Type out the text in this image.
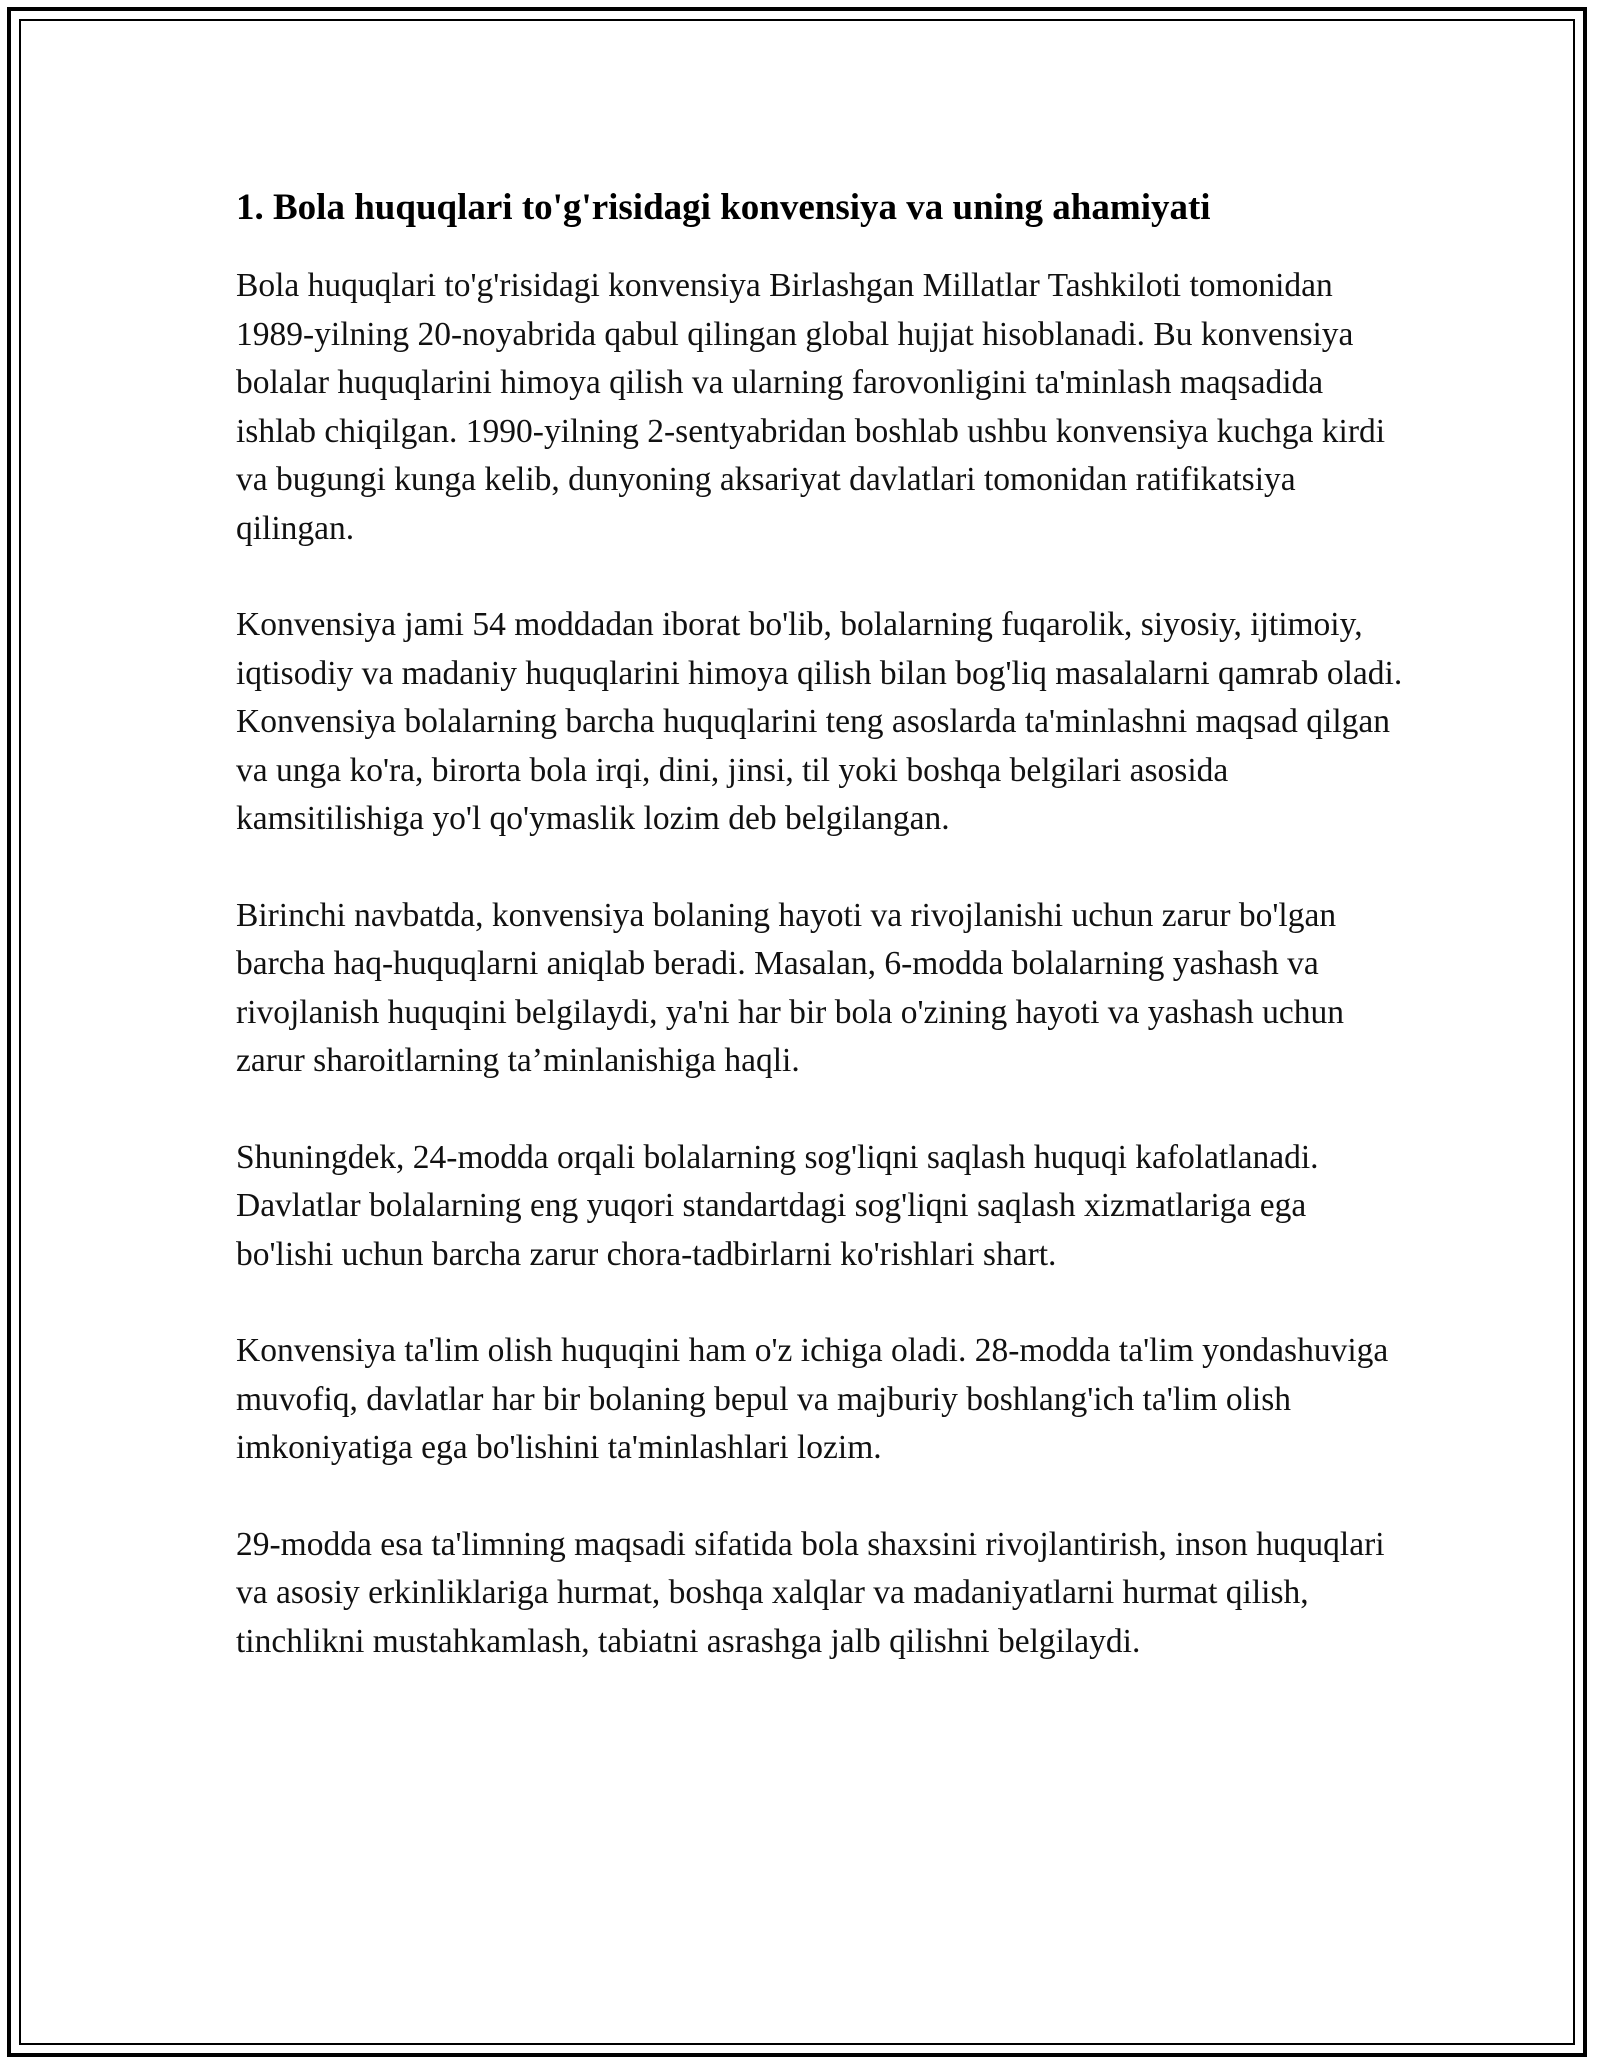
1. Bola huquqlari to'g'risidagi konvensiya va uning ahamiyati

Bola huquqlari to'g'risidagi konvensiya Birlashgan Millatlar Tashkiloti tomonidan 1989-yilning 20-noyabrida qabul qilingan global hujjat hisoblanadi. Bu konvensiya bolalar huquqlarini himoya qilish va ularning farovonligini ta'minlash maqsadida ishlab chiqilgan. 1990-yilning 2-sentyabridan boshlab ushbu konvensiya kuchga kirdi va bugungi kunga kelib, dunyoning aksariyat davlatlari tomonidan ratifikatsiya qilingan.

Konvensiya jami 54 moddadan iborat bo'lib, bolalarning fuqarolik, siyosiy, ijtimoiy, iqtisodiy va madaniy huquqlarini himoya qilish bilan bog'liq masalalarni qamrab oladi. Konvensiya bolalarning barcha huquqlarini teng asoslarda ta'minlashni maqsad qilgan va unga ko'ra, birorta bola irqi, dini, jinsi, til yoki boshqa belgilari asosida kamsitilishiga yo'l qo'ymaslik lozim deb belgilangan.

Birinchi navbatda, konvensiya bolaning hayoti va rivojlanishi uchun zarur bo'lgan barcha haq-huquqlarni aniqlab beradi. Masalan, 6-modda bolalarning yashash va rivojlanish huquqini belgilaydi, ya'ni har bir bola o'zining hayoti va yashash uchun zarur sharoitlarning ta’minlanishiga haqli.

Shuningdek, 24-modda orqali bolalarning sog'liqni saqlash huquqi kafolatlanadi. Davlatlar bolalarning eng yuqori standartdagi sog'liqni saqlash xizmatlariga ega bo'lishi uchun barcha zarur chora-tadbirlarni ko'rishlari shart.

Konvensiya ta'lim olish huquqini ham o'z ichiga oladi. 28-modda ta'lim yondashuviga muvofiq, davlatlar har bir bolaning bepul va majburiy boshlang'ich ta'lim olish imkoniyatiga ega bo'lishini ta'minlashlari lozim.

29-modda esa ta'limning maqsadi sifatida bola shaxsini rivojlantirish, inson huquqlari va asosiy erkinliklariga hurmat, boshqa xalqlar va madaniyatlarni hurmat qilish, tinchlikni mustahkamlash, tabiatni asrashga jalb qilishni belgilaydi.
